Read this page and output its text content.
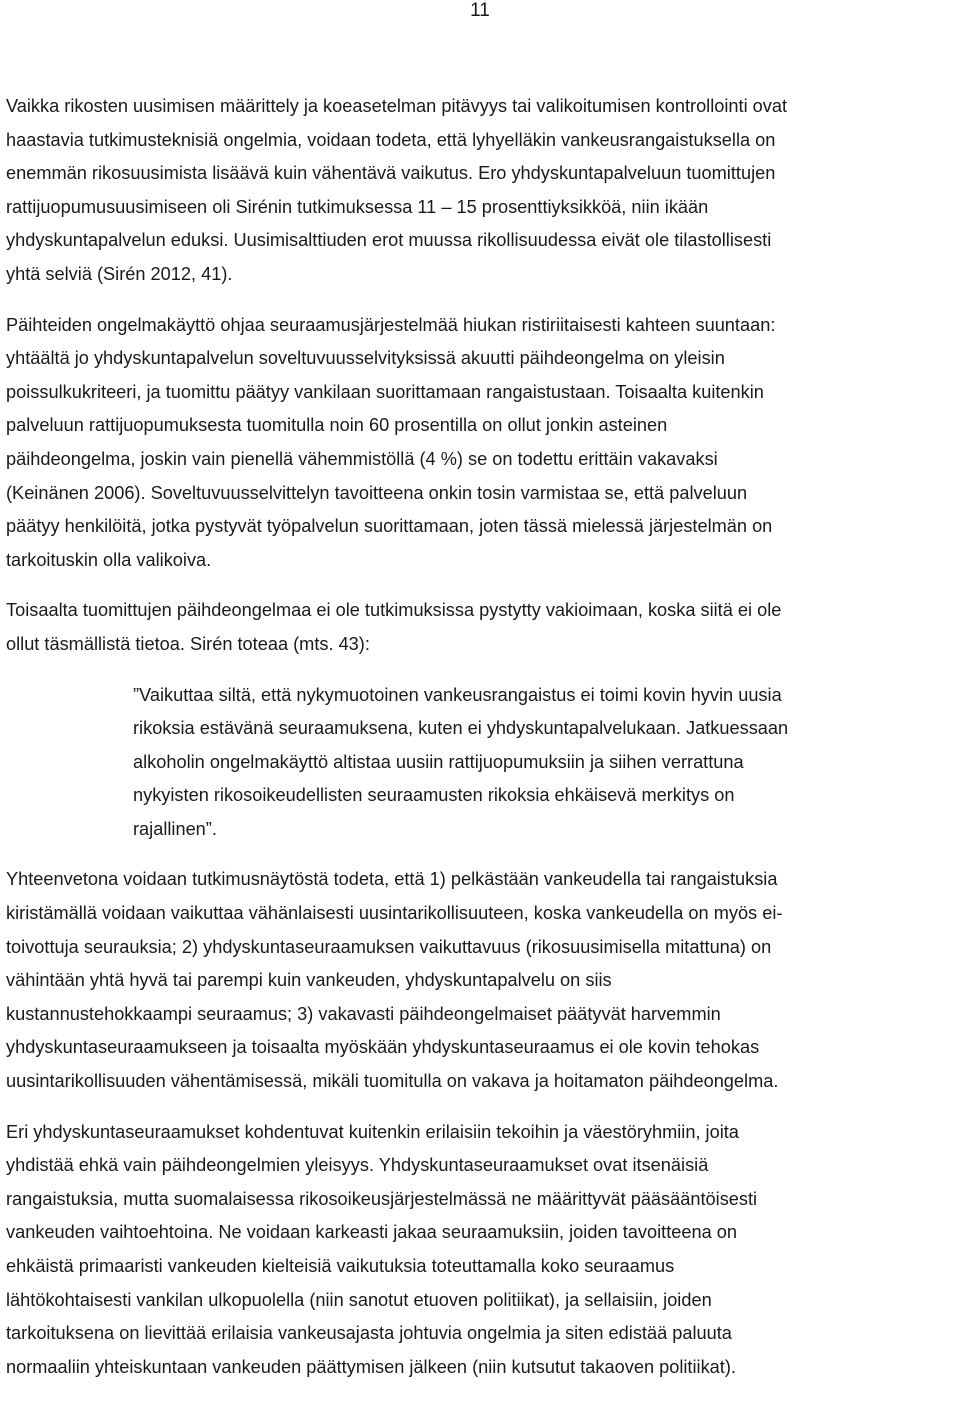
11
Vaikka rikosten uusimisen määrittely ja koeasetelman pitävyys tai valikoitumisen kontrollointi ovat
haastavia tutkimusteknisiä ongelmia, voidaan todeta, että lyhyelläkin vankeusrangaistuksella on
enemmän rikosuusimista lisäävä kuin vähentävä vaikutus. Ero yhdyskuntapalveluun tuomittujen
rattijuopumusuusimiseen oli Sirénin tutkimuksessa 11 – 15 prosenttiyksikköä, niin ikään
yhdyskuntapalvelun eduksi. Uusimisalttiuden erot muussa rikollisuudessa eivät ole tilastollisesti
yhtä selviä (Sirén 2012, 41).
Päihteiden ongelmakäyttö ohjaa seuraamusjärjestelmää hiukan ristiriitaisesti kahteen suuntaan:
yhtäältä jo yhdyskuntapalvelun soveltuvuusselvityksissä akuutti päihdeongelma on yleisin
poissulkukriteeri, ja tuomittu päätyy vankilaan suorittamaan rangaistustaan. Toisaalta kuitenkin
palveluun rattijuopumuksesta tuomitulla noin 60 prosentilla on ollut jonkin asteinen
päihdeongelma, joskin vain pienellä vähemmistöllä (4 %) se on todettu erittäin vakavaksi
(Keinänen 2006). Soveltuvuusselvittelyn tavoitteena onkin tosin varmistaa se, että palveluun
päätyy henkilöitä, jotka pystyvät työpalvelun suorittamaan, joten tässä mielessä järjestelmän on
tarkoituskin olla valikoiva.
Toisaalta tuomittujen päihdeongelmaa ei ole tutkimuksissa pystytty vakioimaan, koska siitä ei ole
ollut täsmällistä tietoa. Sirén toteaa (mts. 43):
”Vaikuttaa siltä, että nykymuotoinen vankeusrangaistus ei toimi kovin hyvin uusia
rikoksia estävänä seuraamuksena, kuten ei yhdyskuntapalvelukaan. Jatkuessaan
alkoholin ongelmakäyttö altistaa uusiin rattijuopumuksiin ja siihen verrattuna
nykyisten rikosoikeudellisten seuraamusten rikoksia ehkäisevä merkitys on
rajallinen”.
Yhteenvetona voidaan tutkimusnäytöstä todeta, että 1) pelkästään vankeudella tai rangaistuksia
kiristämällä voidaan vaikuttaa vähänlaisesti uusintarikollisuuteen, koska vankeudella on myös ei-
toivottuja seurauksia; 2) yhdyskuntaseuraamuksen vaikuttavuus (rikosuusimisella mitattuna) on
vähintään yhtä hyvä tai parempi kuin vankeuden, yhdyskuntapalvelu on siis
kustannustehokkaampi seuraamus; 3) vakavasti päihdeongelmaiset päätyvät harvemmin
yhdyskuntaseuraamukseen ja toisaalta myöskään yhdyskuntaseuraamus ei ole kovin tehokas
uusintarikollisuuden vähentämisessä, mikäli tuomitulla on vakava ja hoitamaton päihdeongelma.
Eri yhdyskuntaseuraamukset kohdentuvat kuitenkin erilaisiin tekoihin ja väestöryhmiin, joita
yhdistää ehkä vain päihdeongelmien yleisyys. Yhdyskuntaseuraamukset ovat itsenäisiä
rangaistuksia, mutta suomalaisessa rikosoikeusjärjestelmässä ne määrittyvät pääsääntöisesti
vankeuden vaihtoehtoina. Ne voidaan karkeasti jakaa seuraamuksiin, joiden tavoitteena on
ehkäistä primaaristi vankeuden kielteisiä vaikutuksia toteuttamalla koko seuraamus
lähtökohtaisesti vankilan ulkopuolella (niin sanotut etuoven politiikat), ja sellaisiin, joiden
tarkoituksena on lievittää erilaisia vankeusajasta johtuvia ongelmia ja siten edistää paluuta
normaaliin yhteiskuntaan vankeuden päättymisen jälkeen (niin kutsutut takaoven politiikat).
